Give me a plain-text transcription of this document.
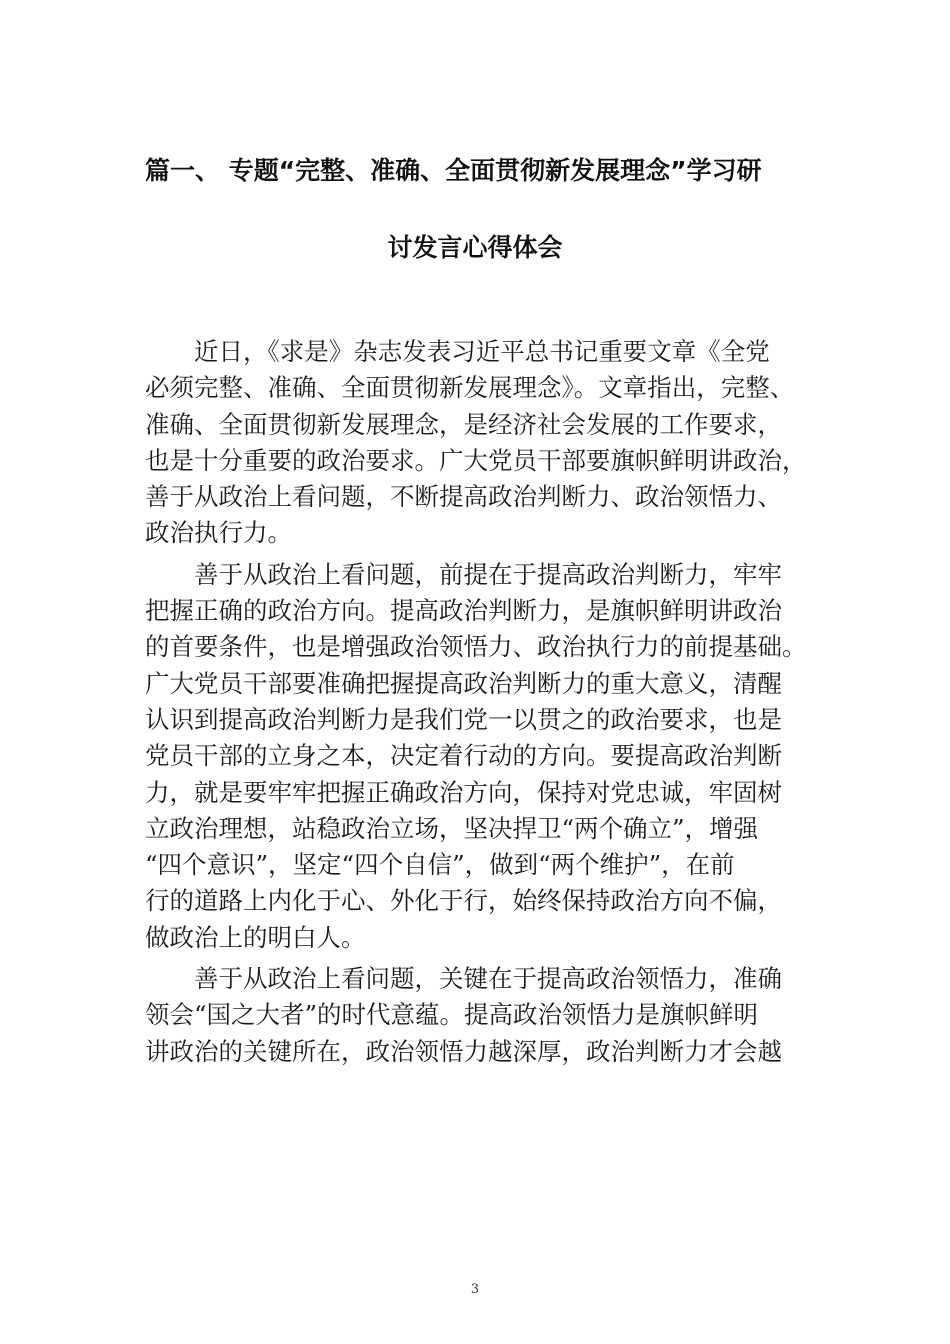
篇一、 专题“完整、准确、全面贯彻新发展理念”学习研
讨发言心得体会
近日，《求是》杂志发表习近平总书记重要文章《全党
必须完整、准确、全面贯彻新发展理念》。文章指出，完整、
准确、全面贯彻新发展理念，是经济社会发展的工作要求，
也是十分重要的政治要求。广大党员干部要旗帜鲜明讲政治，
善于从政治上看问题，不断提高政治判断力、政治领悟力、
政治执行力。
善于从政治上看问题，前提在于提高政治判断力，牢牢
把握正确的政治方向。提高政治判断力，是旗帜鲜明讲政治
的首要条件，也是增强政治领悟力、政治执行力的前提基础。
广大党员干部要准确把握提高政治判断力的重大意义，清醒
认识到提高政治判断力是我们党一以贯之的政治要求，也是
党员干部的立身之本，决定着行动的方向。要提高政治判断
力，就是要牢牢把握正确政治方向，保持对党忠诚，牢固树
立政治理想，站稳政治立场，坚决捍卫“两个确立”，增强
“四个意识”，坚定“四个自信”，做到“两个维护”，在前
行的道路上内化于心、外化于行，始终保持政治方向不偏，
做政治上的明白人。
善于从政治上看问题，关键在于提高政治领悟力，准确
领会“国之大者”的时代意蕴。提高政治领悟力是旗帜鲜明
讲政治的关键所在，政治领悟力越深厚，政治判断力才会越
3
